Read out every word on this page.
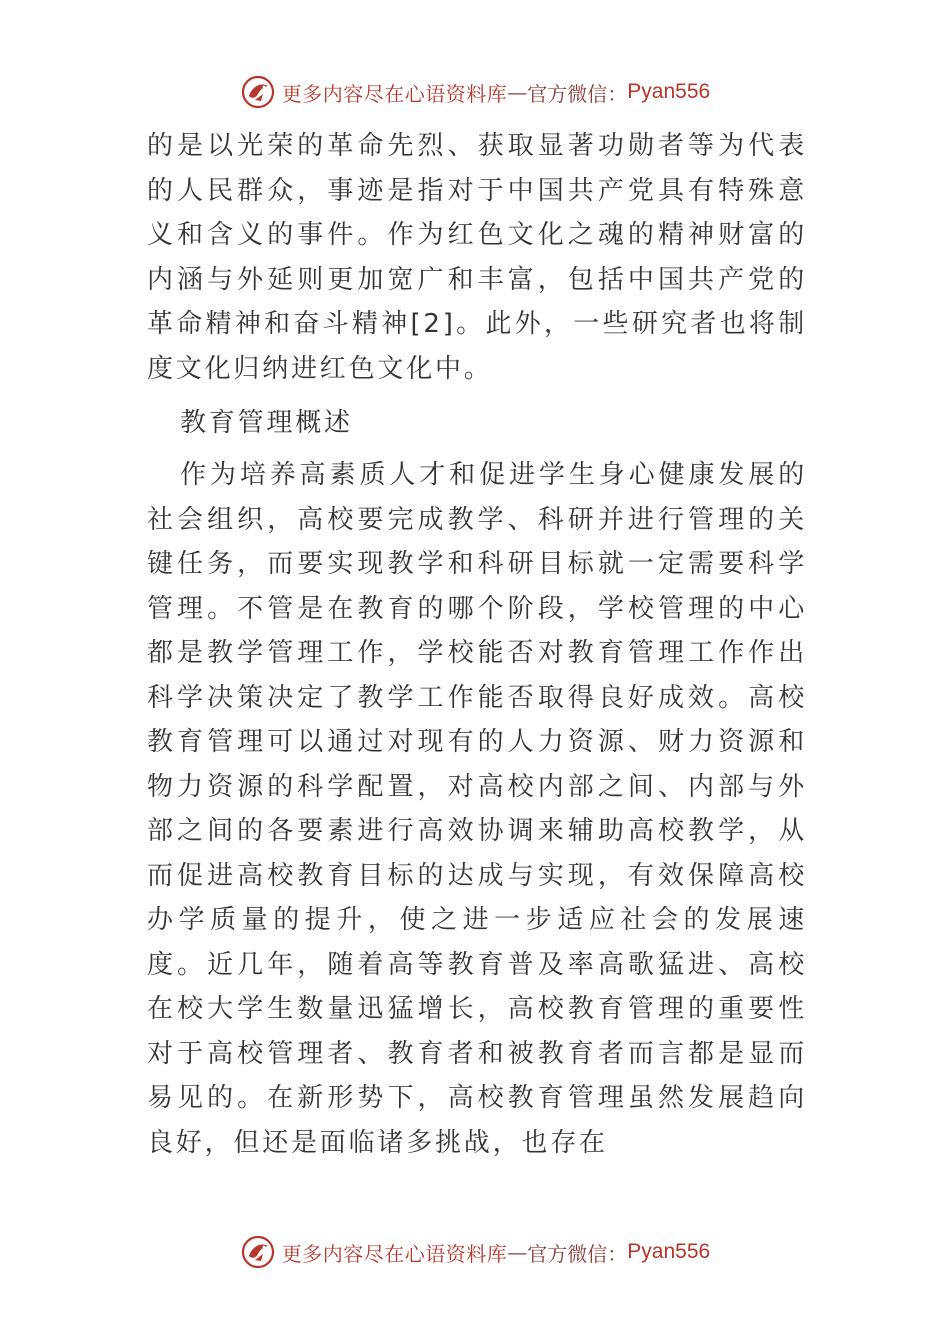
更多内容尽在心语资料库 — 官方微信： Pyan556

的是以光荣的革命先烈、获取显著功勋者等为代表的人民群众，事迹是指对于中国共产党具有特殊意义和含义的事件。作为红色文化之魂的精神财富的内涵与外延则更加宽广和丰富，包括中国共产党的革命精神和奋斗精神[2]。此外，一些研究者也将制度文化归纳进红色文化中。

教育管理概述

作为培养高素质人才和促进学生身心健康发展的社会组织，高校要完成教学、科研并进行管理的关键任务，而要实现教学和科研目标就一定需要科学管理。不管是在教育的哪个阶段，学校管理的中心都是教学管理工作，学校能否对教育管理工作作出科学决策决定了教学工作能否取得良好成效。高校教育管理可以通过对现有的人力资源、财力资源和物力资源的科学配置，对高校内部之间、内部与外部之间的各要素进行高效协调来辅助高校教学，从而促进高校教育目标的达成与实现，有效保障高校办学质量的提升，使之进一步适应社会的发展速度。近几年，随着高等教育普及率高歌猛进、高校在校大学生数量迅猛增长，高校教育管理的重要性对于高校管理者、教育者和被教育者而言都是显而易见的。在新形势下，高校教育管理虽然发展趋向良好，但还是面临诸多挑战，也存在

更多内容尽在心语资料库 — 官方微信： Pyan556
